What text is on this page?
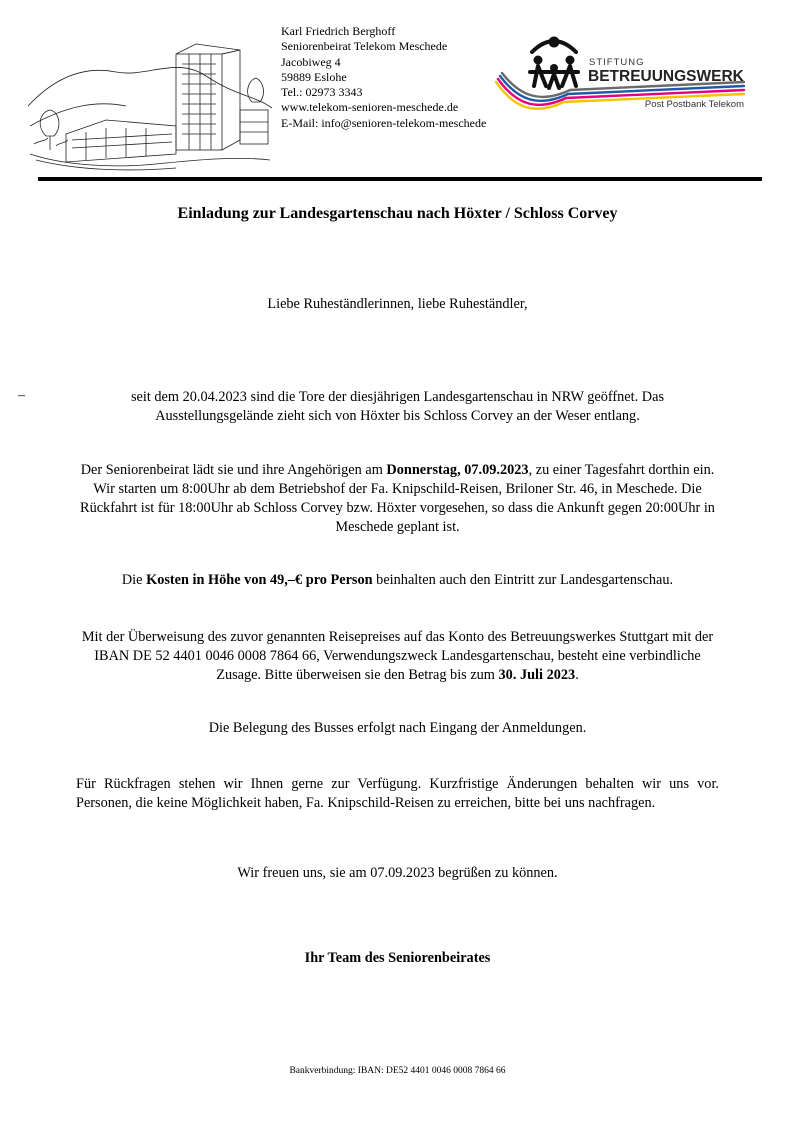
Karl Friedrich Berghoff
Seniorenbeirat Telekom Meschede
Jacobiweg 4
59889 Eslohe
Tel.: 02973 3343
www.telekom-senioren-meschede.de
E-Mail: info@senioren-telekom-meschede
STIFTUNG
BETREUUNGSWERK
Post Postbank Telekom
Einladung zur Landesgartenschau nach Höxter / Schloss Corvey
Liebe Ruheständlerinnen, liebe Ruheständler,
–	seit dem 20.04.2023 sind die Tore der diesjährigen Landesgartenschau in NRW geöffnet. Das Ausstellungsgelände zieht sich von Höxter bis Schloss Corvey an der Weser entlang.
Der Seniorenbeirat lädt sie und ihre Angehörigen am Donnerstag, 07.09.2023, zu einer Tagesfahrt dorthin ein. Wir starten um 8:00Uhr ab dem Betriebshof der Fa. Knipschild-Reisen, Briloner Str. 46, in Meschede. Die Rückfahrt ist für 18:00Uhr ab Schloss Corvey bzw. Höxter vorgesehen, so dass die Ankunft gegen 20:00Uhr in Meschede geplant ist.
Die Kosten in Höhe von 49,–€ pro Person beinhalten auch den Eintritt zur Landesgartenschau.
Mit der Überweisung des zuvor genannten Reisepreises auf das Konto des Betreuungswerkes Stuttgart mit der IBAN DE 52 4401 0046 0008 7864 66, Verwendungszweck Landesgartenschau, besteht eine verbindliche Zusage. Bitte überweisen sie den Betrag bis zum 30. Juli 2023.
Die Belegung des Busses erfolgt nach Eingang der Anmeldungen.
Für Rückfragen stehen wir Ihnen gerne zur Verfügung. Kurzfristige Änderungen behalten wir uns vor. Personen, die keine Möglichkeit haben, Fa. Knipschild-Reisen zu erreichen, bitte bei uns nachfragen.
Wir freuen uns, sie am 07.09.2023 begrüßen zu können.
Ihr Team des Seniorenbeirates
Bankverbindung: IBAN: DE52 4401 0046 0008 7864 66
